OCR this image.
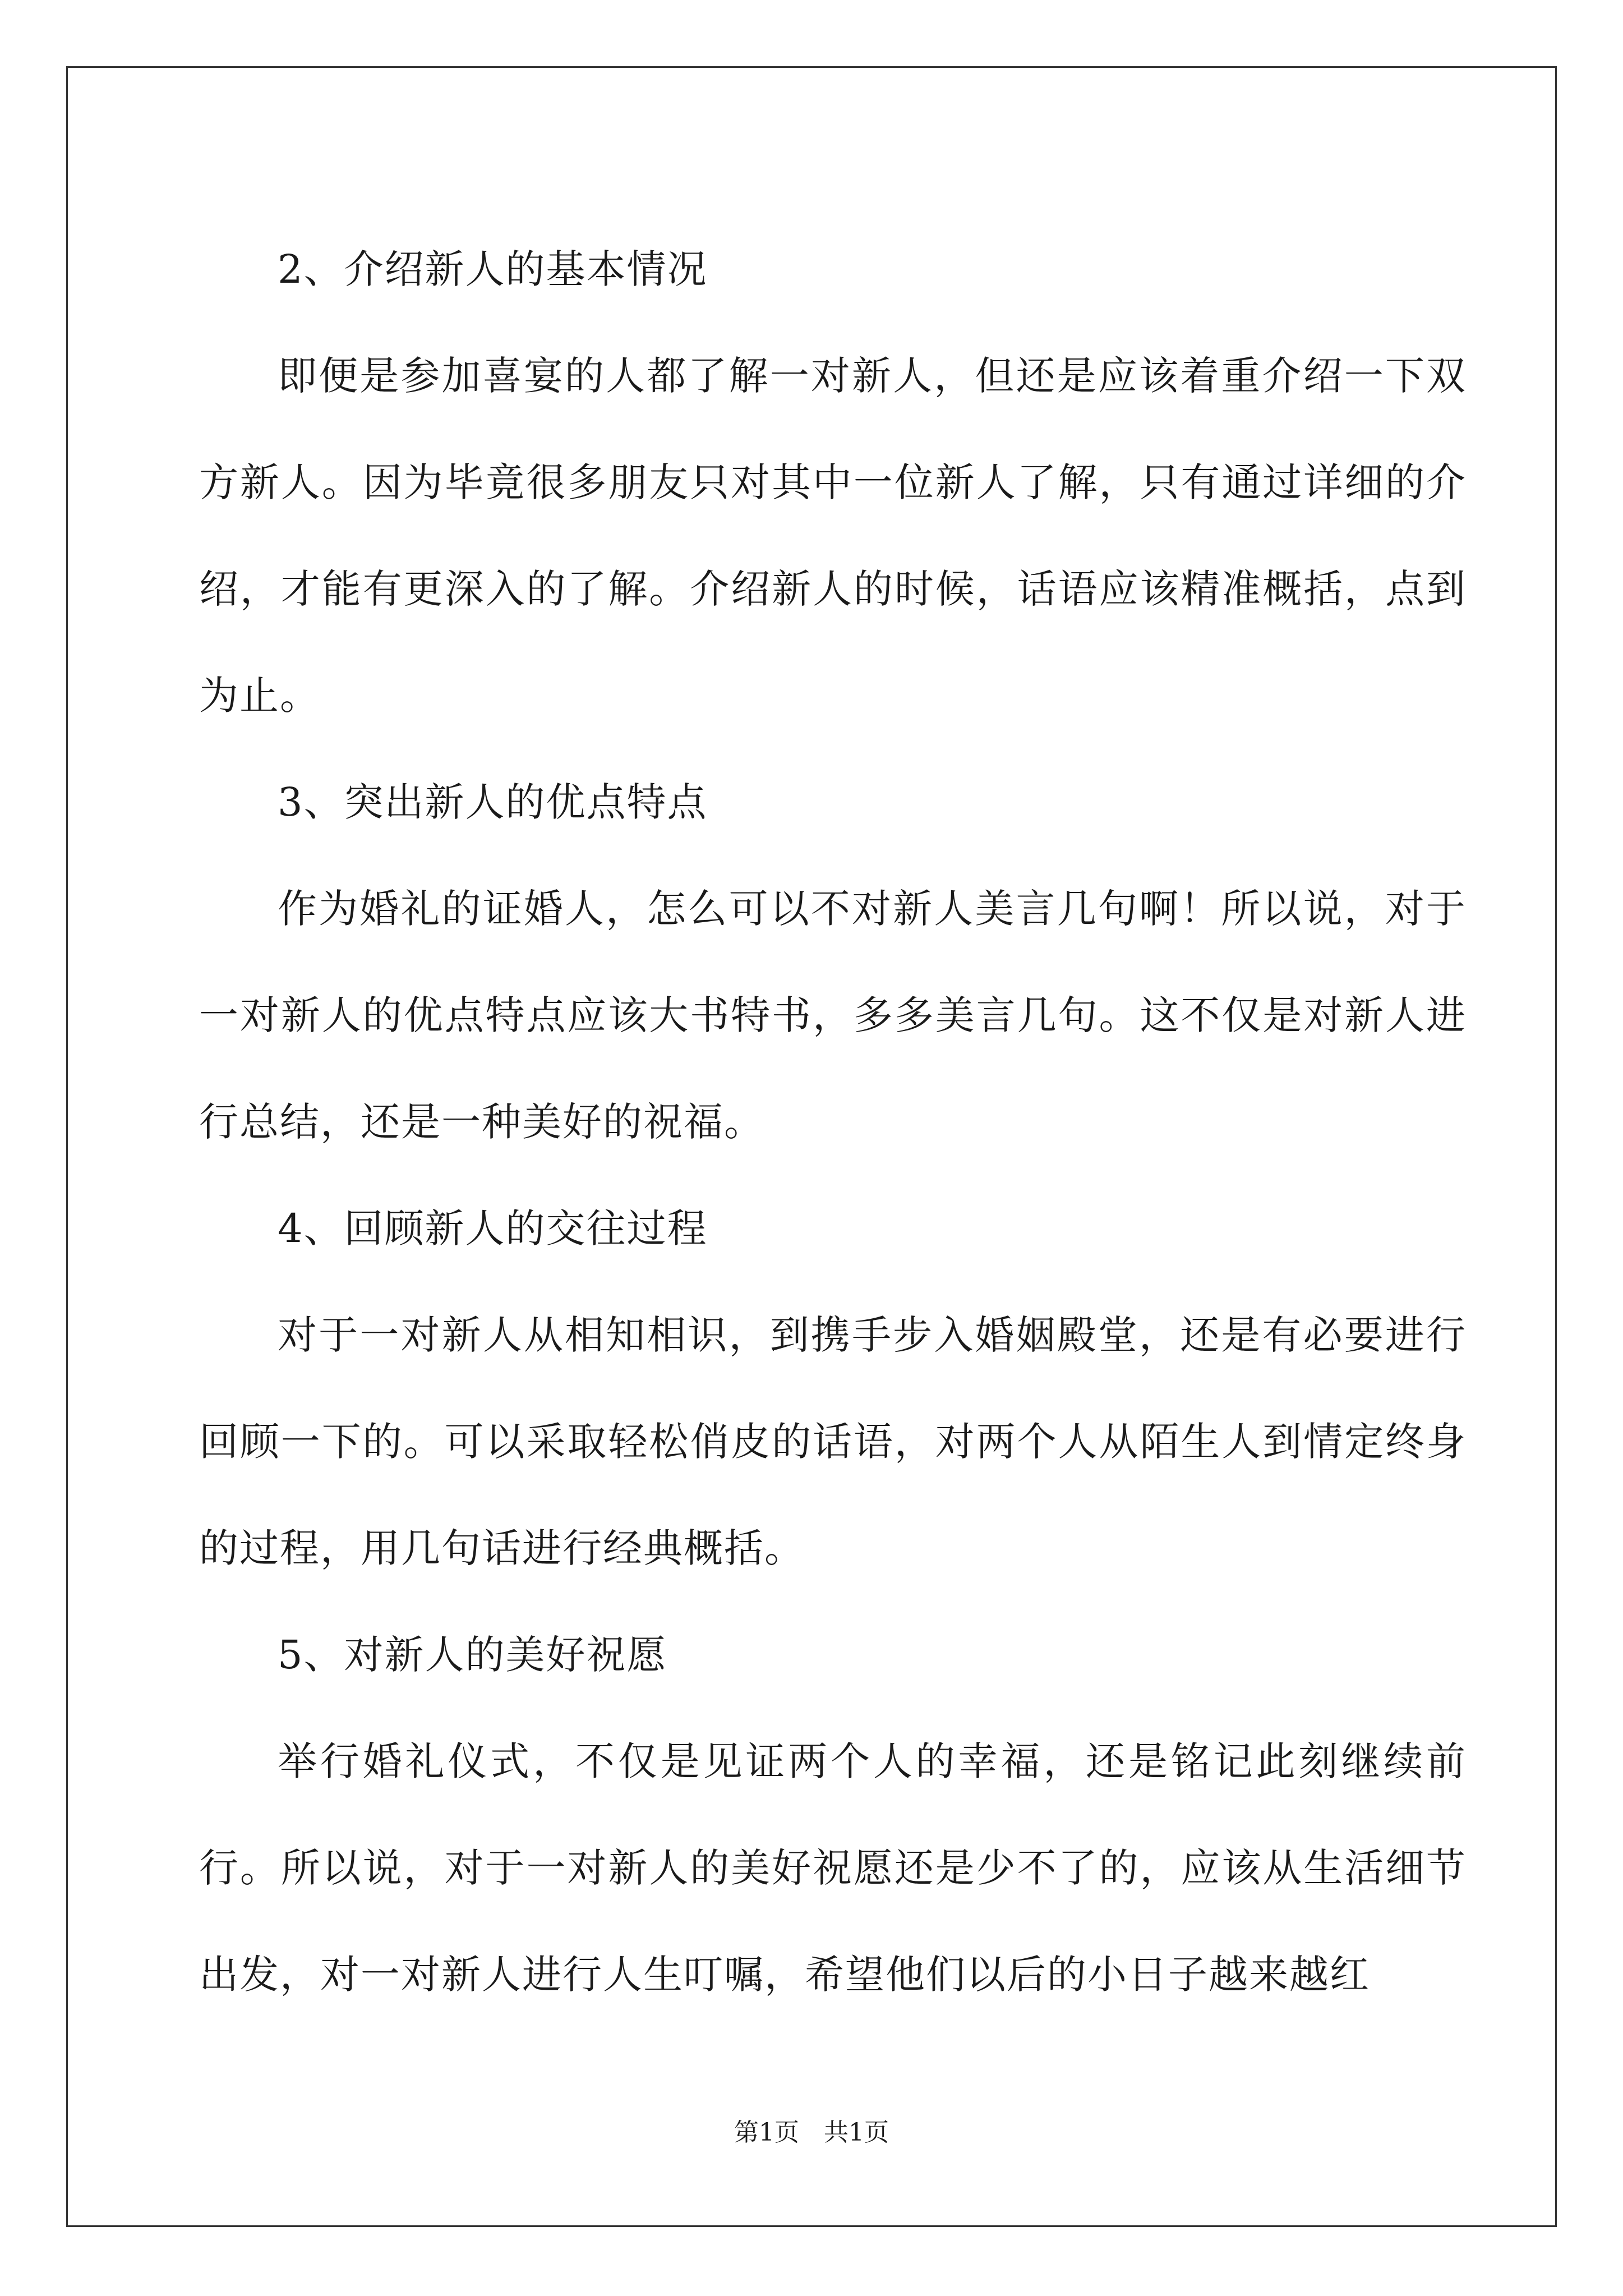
2、介绍新人的基本情况

即便是参加喜宴的人都了解一对新人，但还是应该着重介绍一下双方新人。因为毕竟很多朋友只对其中一位新人了解，只有通过详细的介绍，才能有更深入的了解。介绍新人的时候，话语应该精准概括，点到为止。

3、突出新人的优点特点

作为婚礼的证婚人，怎么可以不对新人美言几句啊！所以说，对于一对新人的优点特点应该大书特书，多多美言几句。这不仅是对新人进行总结，还是一种美好的祝福。

4、回顾新人的交往过程

对于一对新人从相知相识，到携手步入婚姻殿堂，还是有必要进行回顾一下的。可以采取轻松俏皮的话语，对两个人从陌生人到情定终身的过程，用几句话进行经典概括。

5、对新人的美好祝愿

举行婚礼仪式，不仅是见证两个人的幸福，还是铭记此刻继续前行。所以说，对于一对新人的美好祝愿还是少不了的，应该从生活细节出发，对一对新人进行人生叮嘱，希望他们以后的小日子越来越红

第1页　共1页
